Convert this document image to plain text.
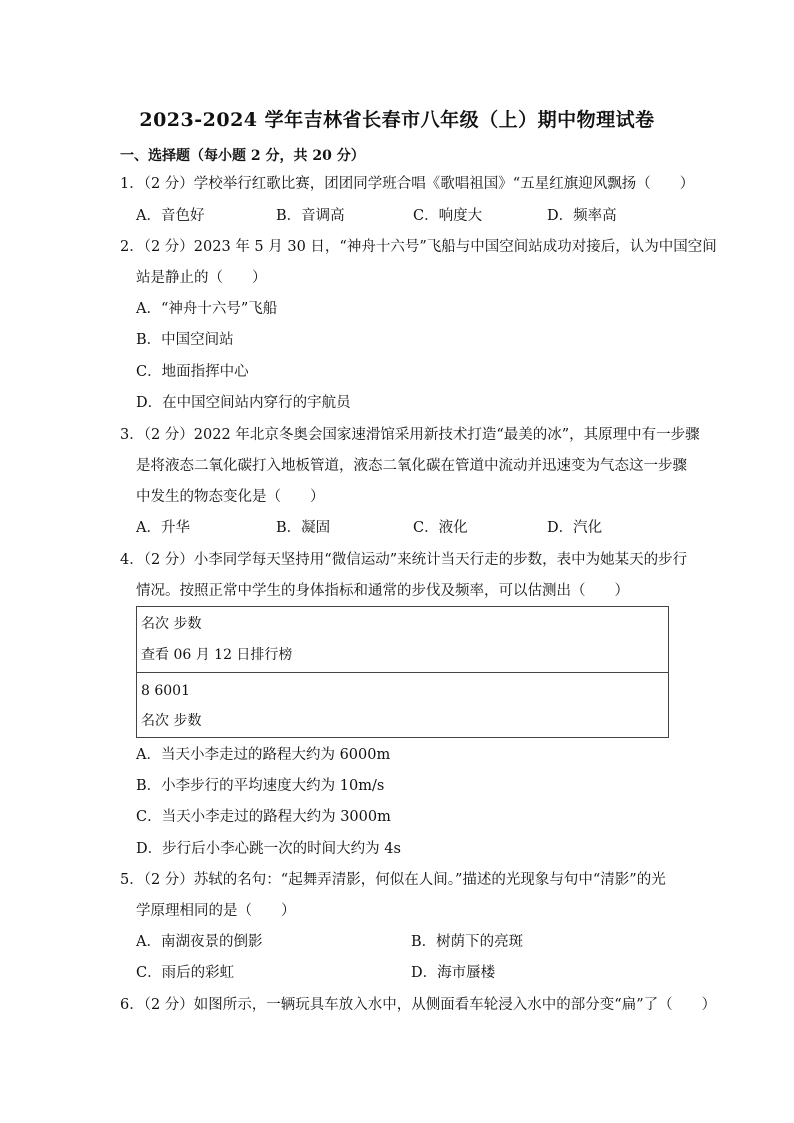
2023-2024 学年吉林省长春市八年级（上）期中物理试卷
一、选择题（每小题 2 分，共 20 分）
1．（2 分）学校举行红歌比赛，团团同学班合唱《歌唱祖国》“五星红旗迎风飘扬（　　）
A．音色好	B．音调高	C．响度大	D．频率高
2．（2 分）2023 年 5 月 30 日，“神舟十六号”飞船与中国空间站成功对接后，认为中国空间
站是静止的（　　）
A．“神舟十六号”飞船
B．中国空间站
C．地面指挥中心
D．在中国空间站内穿行的宇航员
3．（2 分）2022 年北京冬奥会国家速滑馆采用新技术打造“最美的冰”，其原理中有一步骤
是将液态二氧化碳打入地板管道，液态二氧化碳在管道中流动并迅速变为气态这一步骤
中发生的物态变化是（　　）
A．升华	B．凝固	C．液化	D．汽化
4．（2 分）小李同学每天坚持用“微信运动”来统计当天行走的步数，表中为她某天的步行
情况。按照正常中学生的身体指标和通常的步伐及频率，可以估测出（　　）
名次 步数
查看 06 月 12 日排行榜
8 6001
名次 步数
A．当天小李走过的路程大约为 6000m
B．小李步行的平均速度大约为 10m/s
C．当天小李走过的路程大约为 3000m
D．步行后小李心跳一次的时间大约为 4s
5．（2 分）苏轼的名句：“起舞弄清影，何似在人间。”描述的光现象与句中“清影”的光
学原理相同的是（　　）
A．南湖夜景的倒影	B．树荫下的亮斑
C．雨后的彩虹	D．海市蜃楼
6．（2 分）如图所示，一辆玩具车放入水中，从侧面看车轮浸入水中的部分变“扁”了（　　）
